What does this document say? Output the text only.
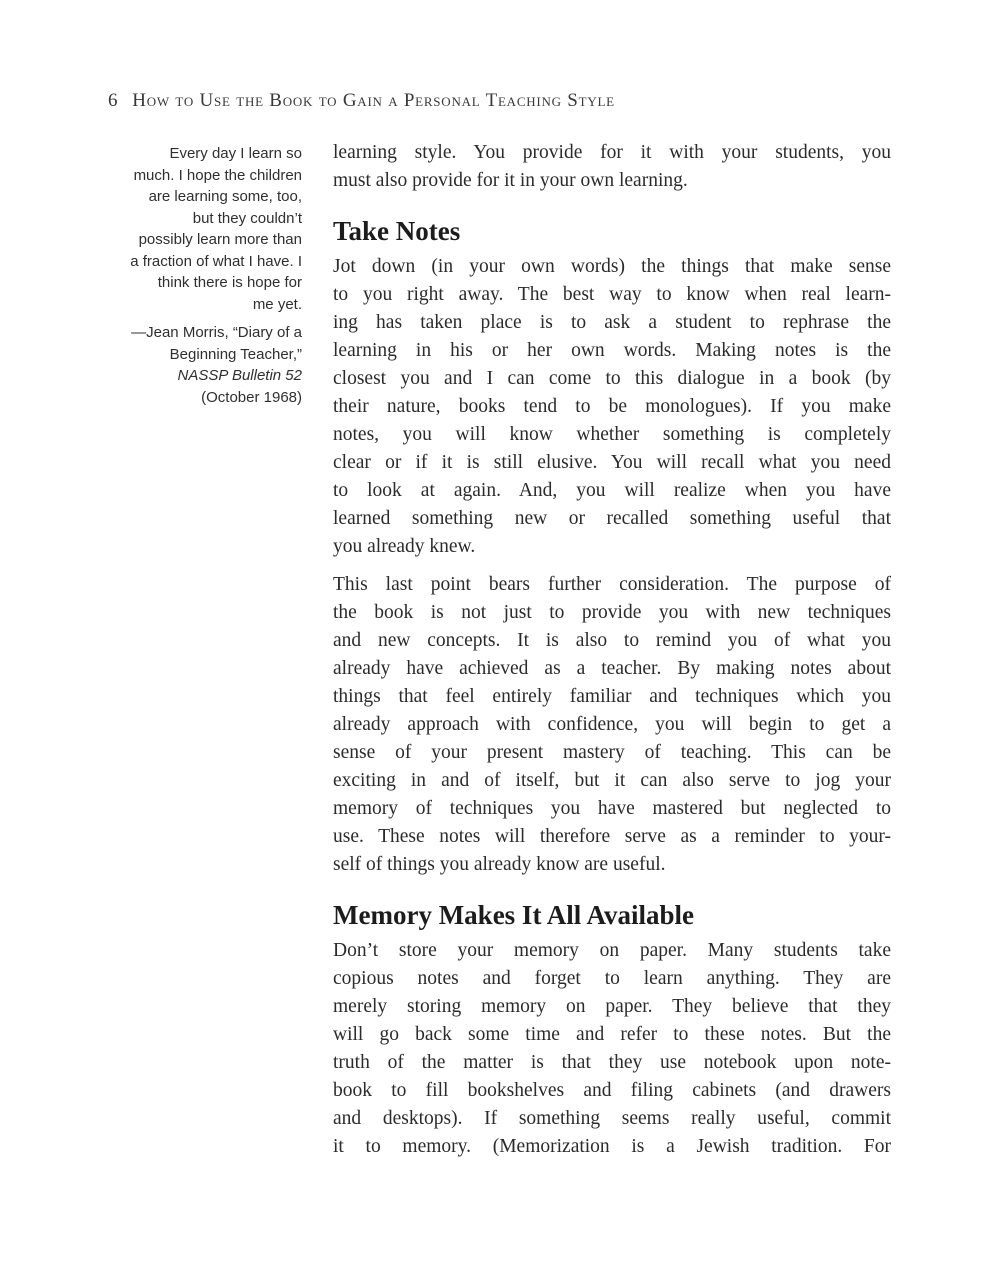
6 How to Use the Book to Gain a Personal Teaching Style
Every day I learn so
much. I hope the children
are learning some, too,
but they couldn’t
possibly learn more than
a fraction of what I have. I
think there is hope for
me yet.
—Jean Morris, “Diary of a
Beginning Teacher,”
NASSP Bulletin 52
(October 1968)
learning style. You provide for it with your students, you
must also provide for it in your own learning.
Take Notes
Jot down (in your own words) the things that make sense
to you right away. The best way to know when real learn-
ing has taken place is to ask a student to rephrase the
learning in his or her own words. Making notes is the
closest you and I can come to this dialogue in a book (by
their nature, books tend to be monologues). If you make
notes, you will know whether something is completely
clear or if it is still elusive. You will recall what you need
to look at again. And, you will realize when you have
learned something new or recalled something useful that
you already knew.
This last point bears further consideration. The purpose of
the book is not just to provide you with new techniques
and new concepts. It is also to remind you of what you
already have achieved as a teacher. By making notes about
things that feel entirely familiar and techniques which you
already approach with confidence, you will begin to get a
sense of your present mastery of teaching. This can be
exciting in and of itself, but it can also serve to jog your
memory of techniques you have mastered but neglected to
use. These notes will therefore serve as a reminder to your-
self of things you already know are useful.
Memory Makes It All Available
Don’t store your memory on paper. Many students take
copious notes and forget to learn anything. They are
merely storing memory on paper. They believe that they
will go back some time and refer to these notes. But the
truth of the matter is that they use notebook upon note-
book to fill bookshelves and filing cabinets (and drawers
and desktops). If something seems really useful, commit
it to memory. (Memorization is a Jewish tradition. For
